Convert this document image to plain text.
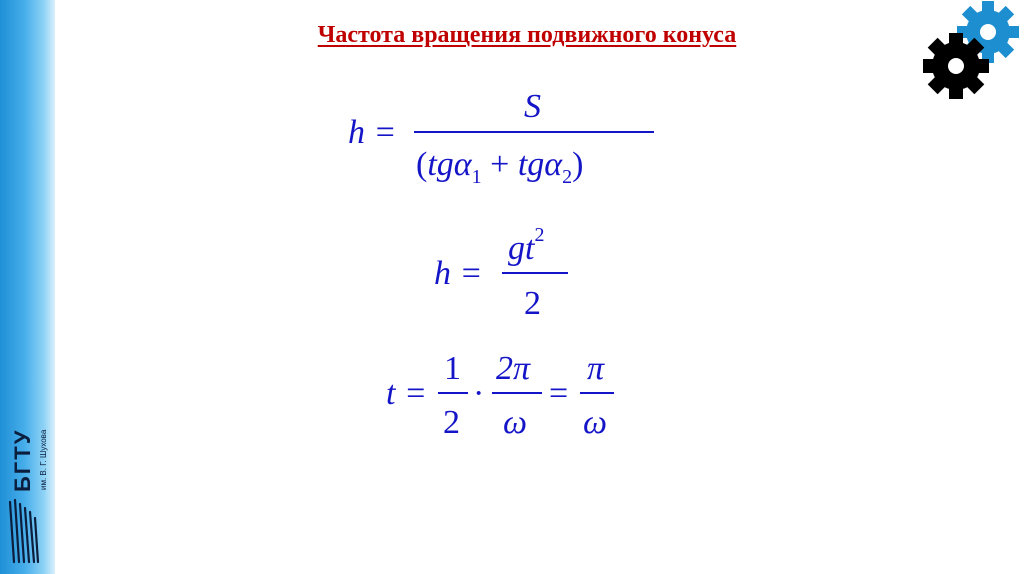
БГТУ им. В. Г. Шухова
Частота вращения подвижного конуса
h =
S
(tgα$_1$ + tgα$_2$)
h =
$gt^2$
2
t =
1
2
·
2π
ω
=
π
ω
